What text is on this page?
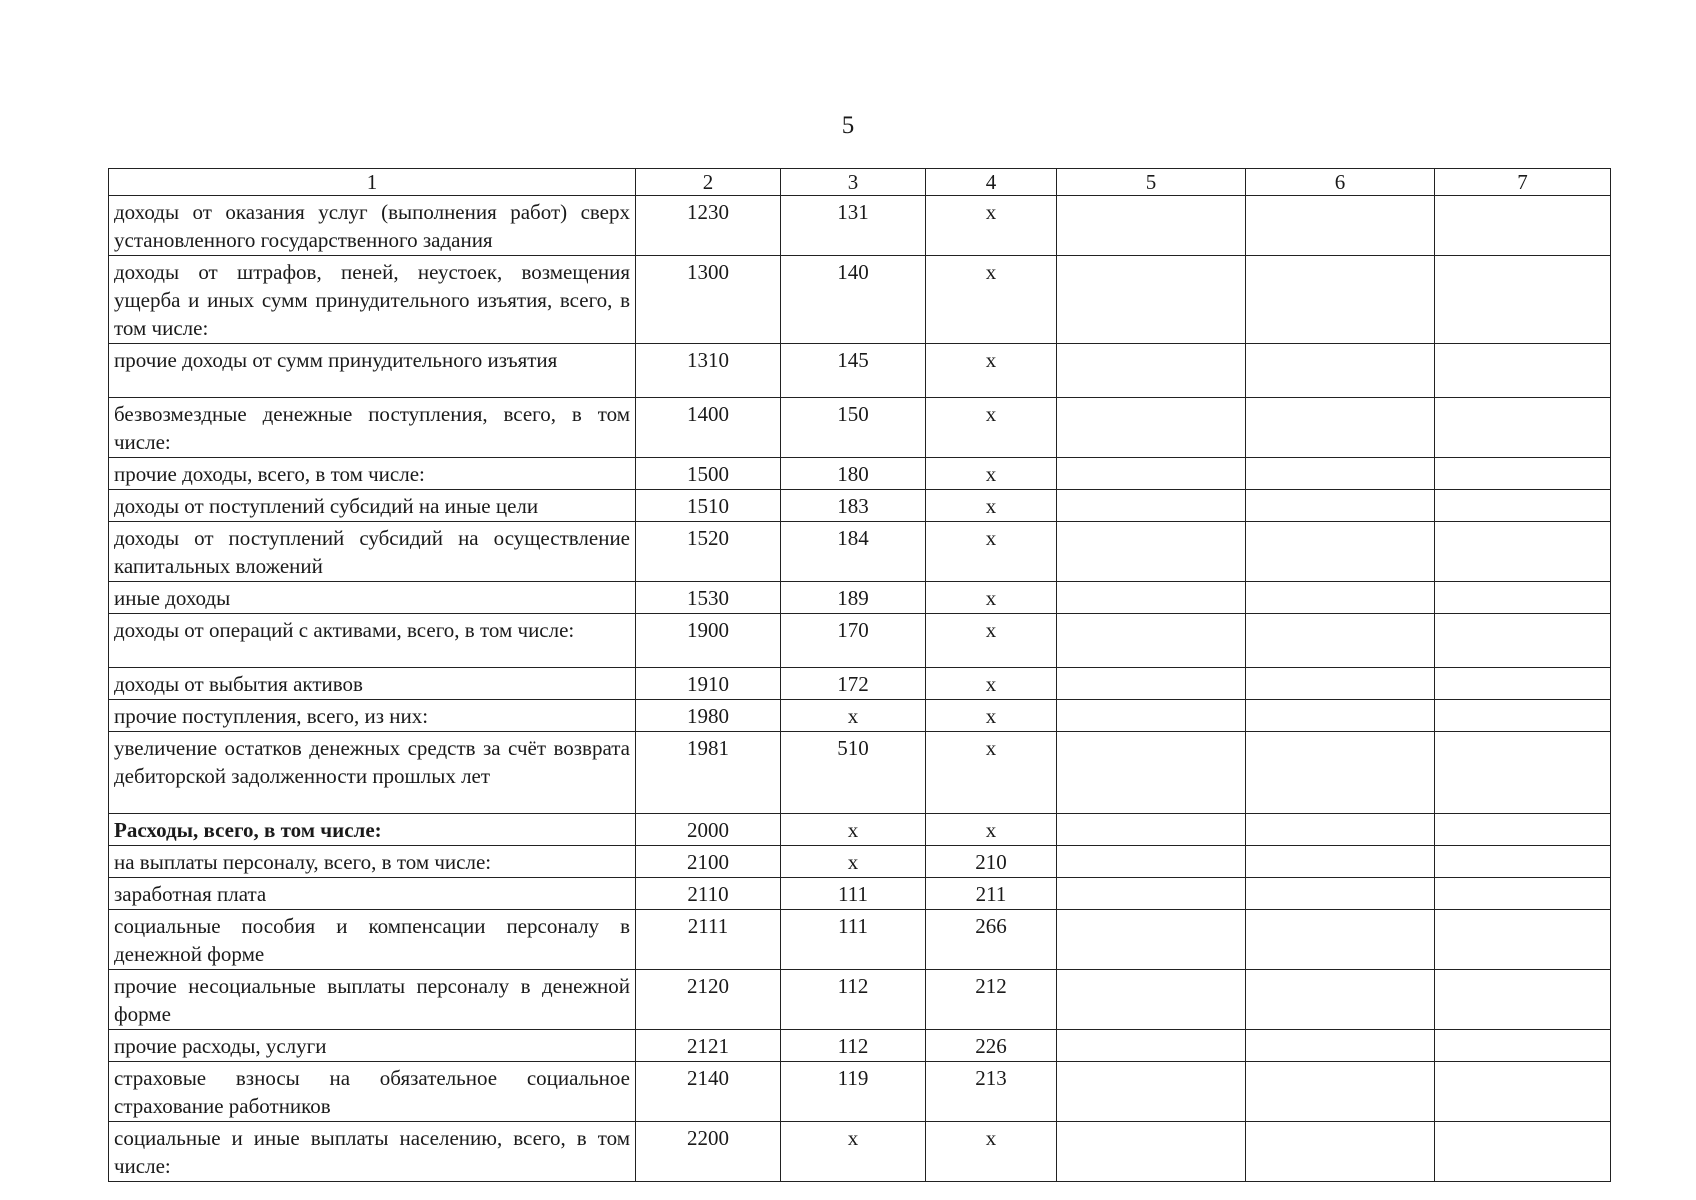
5
1	2	3	4	5	6	7
доходы от оказания услуг (выполнения работ) сверх установленного государственного задания	1230	131	x			
доходы от штрафов, пеней, неустоек, возмещения ущерба и иных сумм принудительного изъятия, всего, в том числе:	1300	140	x			
прочие доходы от сумм принудительного изъятия	1310	145	x			
безвозмездные денежные поступления, всего, в том числе:	1400	150	x			
прочие доходы, всего, в том числе:	1500	180	x			
доходы от поступлений субсидий на иные цели	1510	183	x			
доходы от поступлений субсидий на осуществление капитальных вложений	1520	184	x			
иные доходы	1530	189	x			
доходы от операций с активами, всего, в том числе:	1900	170	x			
доходы от выбытия активов	1910	172	x			
прочие поступления, всего, из них:	1980	x	x			
увеличение остатков денежных средств за счёт возврата дебиторской задолженности прошлых лет	1981	510	x			
Расходы, всего, в том числе:	2000	x	x			
на выплаты персоналу, всего, в том числе:	2100	x	210			
заработная плата	2110	111	211			
социальные пособия и компенсации персоналу в денежной форме	2111	111	266			
прочие несоциальные выплаты персоналу в денежной форме	2120	112	212			
прочие расходы, услуги	2121	112	226			
страховые взносы на обязательное социальное страхование работников	2140	119	213			
социальные и иные выплаты населению, всего, в том числе:	2200	x	x			
